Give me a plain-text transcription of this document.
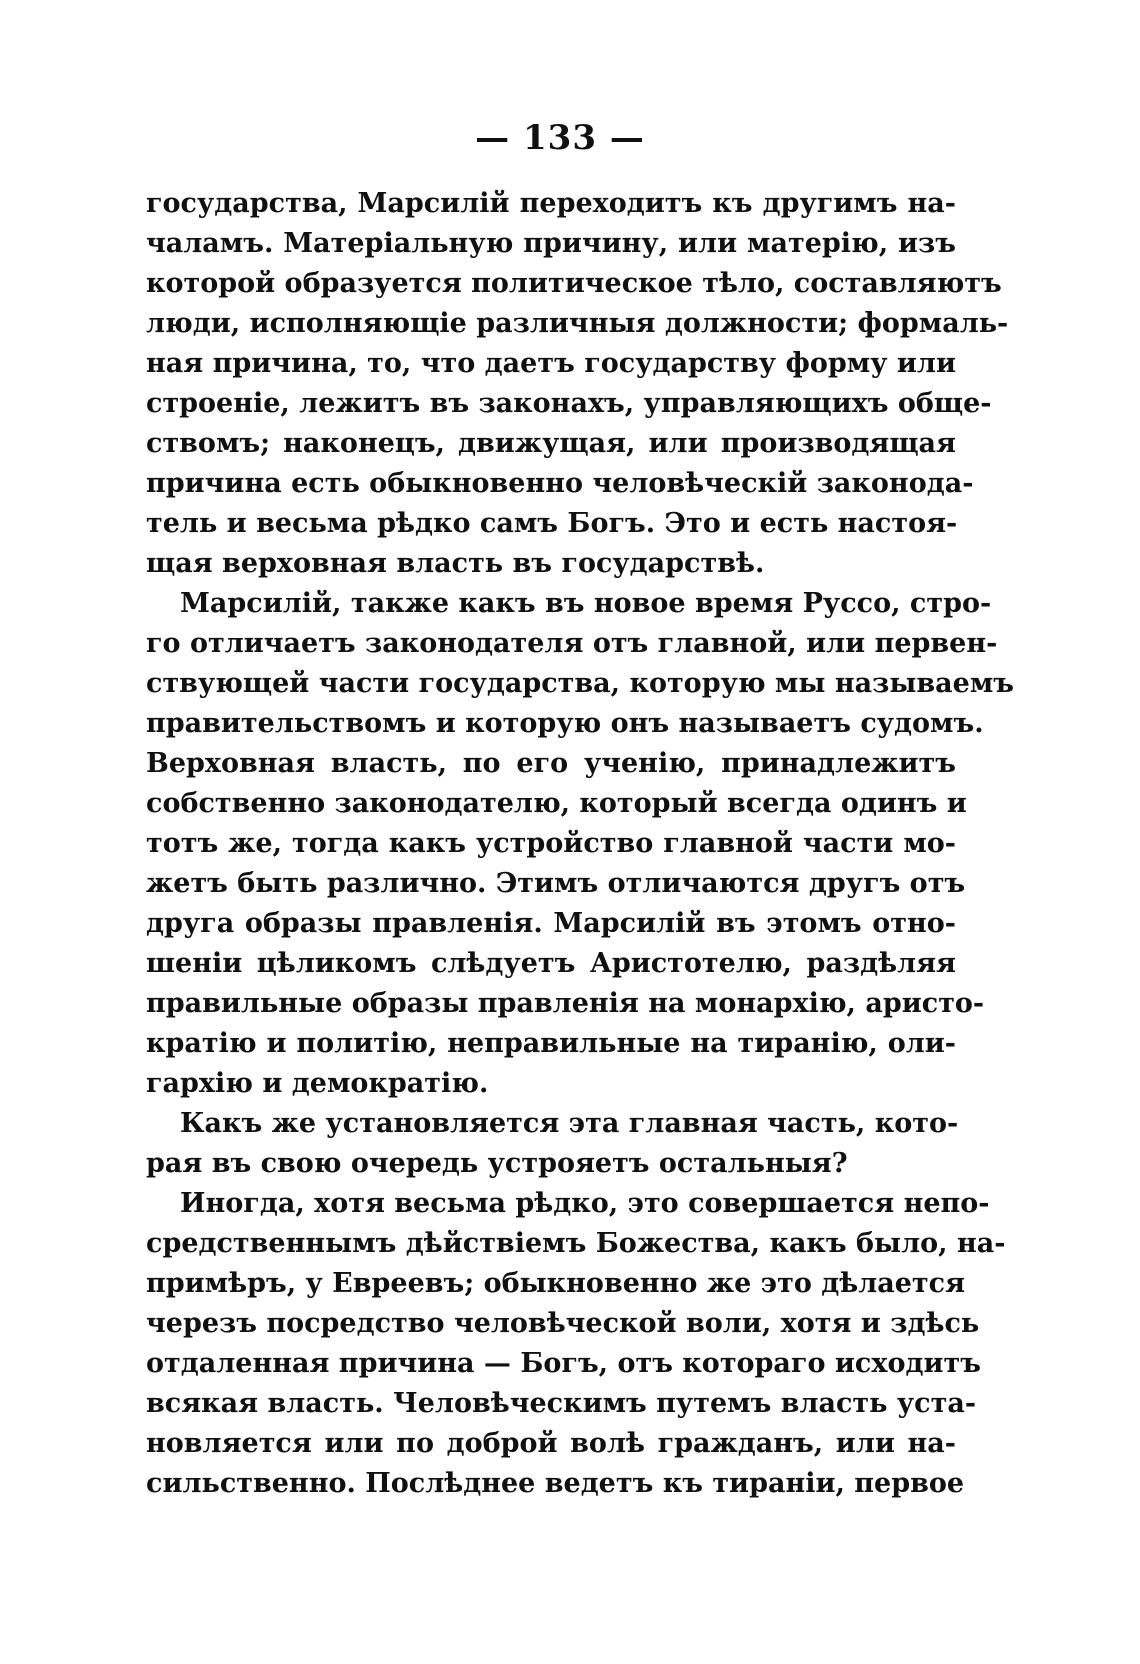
— 133 —
государства, Марсилій переходитъ къ другимъ на-
чаламъ. Матеріальную причину, или матерію, изъ
которой образуется политическое тѣло, составляютъ
люди, исполняющіе различныя должности; формаль-
ная причина, то, что даетъ государству форму или
строеніе, лежитъ въ законахъ, управляющихъ обще-
ствомъ; наконецъ, движущая, или производящая
причина есть обыкновенно человѣческій законода-
тель и весьма рѣдко самъ Богъ. Это и есть настоя-
щая верховная власть въ государствѣ.
Марсилій, также какъ въ новое время Руссо, стро-
го отличаетъ законодателя отъ главной, или первен-
ствующей части государства, которую мы называемъ
правительствомъ и которую онъ называетъ судомъ.
Верховная власть, по его ученію, принадлежитъ
собственно законодателю, который всегда одинъ и
тотъ же, тогда какъ устройство главной части мо-
жетъ быть различно. Этимъ отличаются другъ отъ
друга образы правленія. Марсилій въ этомъ отно-
шеніи цѣликомъ слѣдуетъ Аристотелю, раздѣляя
правильные образы правленія на монархію, аристо-
кратію и политію, неправильные на тиранію, оли-
гархію и демократію.
Какъ же установляется эта главная часть, кото-
рая въ свою очередь устрояетъ остальныя?
Иногда, хотя весьма рѣдко, это совершается непо-
средственнымъ дѣйствіемъ Божества, какъ было, на-
примѣръ, у Евреевъ; обыкновенно же это дѣлается
черезъ посредство человѣческой воли, хотя и здѣсь
отдаленная причина — Богъ, отъ котораго исходитъ
всякая власть. Человѣческимъ путемъ власть уста-
новляется или по доброй волѣ гражданъ, или на-
сильственно. Послѣднее ведетъ къ тираніи, первое
